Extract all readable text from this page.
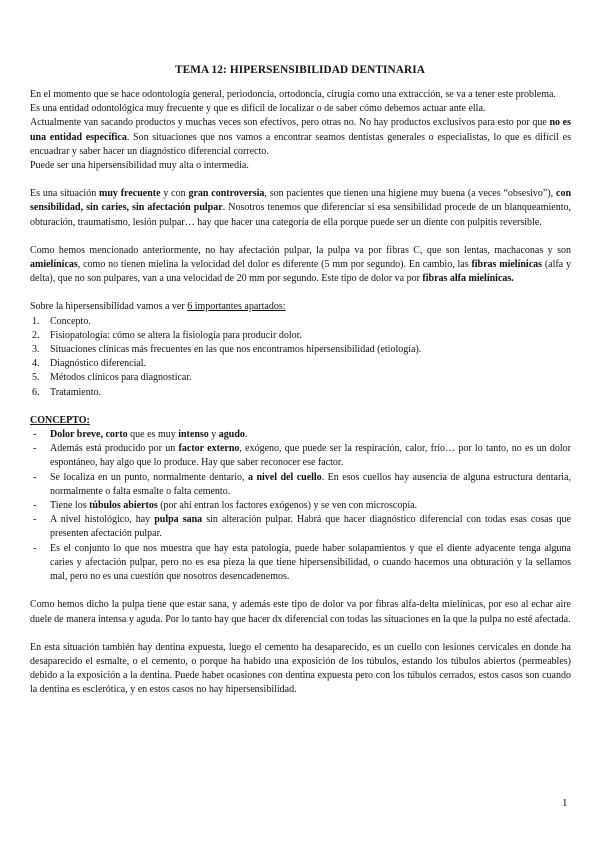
TEMA 12: HIPERSENSIBILIDAD DENTINARIA

En el momento que se hace odontología general, periodoncia, ortodoncia, cirugía como una extracción, se va a tener este problema.
Es una entidad odontológica muy frecuente y que es difícil de localizar o de saber cómo debemos actuar ante ella.
Actualmente van sacando productos y muchas veces son efectivos, pero otras no. No hay productos exclusivos para esto por que no es una entidad específica. Son situaciones que nos vamos a encontrar seamos dentistas generales o especialistas, lo que es difícil es encuadrar y saber hacer un diagnóstico diferencial correcto.
Puede ser una hipersensibilidad muy alta o intermedia.

Es una situación muy frecuente y con gran controversia, son pacientes que tienen una higiene muy buena (a veces “obsesivo”), con sensibilidad, sin caries, sin afectación pulpar. Nosotros tenemos que diferenciar si esa sensibilidad procede de un blanqueamiento, obturación, traumatismo, lesión pulpar… hay que hacer una categoría de ella porque puede ser un diente con pulpitis reversible.

Como hemos mencionado anteriormente, no hay afectación pulpar, la pulpa va por fibras C, que son lentas, machaconas y son amielínicas, como no tienen mielina la velocidad del dolor es diferente (5 mm por segundo). En cambio, las fibras mielínicas (alfa y delta), que no son pulpares, van a una velocidad de 20 mm por segundo. Este tipo de dolor va por fibras alfa mielínicas.

Sobre la hipersensibilidad vamos a ver 6 importantes apartados:

1. Concepto.
2. Fisiopatología: cómo se altera la fisiología para producir dolor.
3. Situaciones clínicas más frecuentes en las que nos encontramos hipersensibilidad (etiología).
4. Diagnóstico diferencial.
5. Métodos clínicos para diagnosticar.
6. Tratamiento.

CONCEPTO:

- Dolor breve, corto que es muy intenso y agudo.
- Además está producido por un factor externo, exógeno, que puede ser la respiración, calor, frío… por lo tanto, no es un dolor espontáneo, hay algo que lo produce. Hay que saber reconocer ese factor.
- Se localiza en un punto, normalmente dentario, a nivel del cuello. En esos cuellos hay ausencia de alguna estructura dentaria, normalmente o falta esmalte o falta cemento.
- Tiene los túbulos abiertos (por ahí entran los factores exógenos) y se ven con microscopía.
- A nivel histológico, hay pulpa sana sin alteración pulpar. Habrá que hacer diagnóstico diferencial con todas esas cosas que presenten afectación pulpar.
- Es el conjunto lo que nos muestra que hay esta patología, puede haber solapamientos y que el diente adyacente tenga alguna caries y afectación pulpar, pero no es esa pieza la que tiene hipersensibilidad, o cuando hacemos una obturación y la sellamos mal, pero no es una cuestión que nosotros desencadenemos.

Como hemos dicho la pulpa tiene que estar sana, y además este tipo de dolor va por fibras alfa-delta mielínicas, por eso al echar aire duele de manera intensa y aguda. Por lo tanto hay que hacer dx diferencial con todas las situaciones en la que la pulpa no esté afectada.

En esta situación también hay dentina expuesta, luego el cemento ha desaparecido, es un cuello con lesiones cervicales en donde ha desaparecido el esmalte, o el cemento, o porque ha habido una exposición de los túbulos, estando los túbulos abiertos (permeables) debido a la exposición a la dentina. Puede haber ocasiones con dentina expuesta pero con los túbulos cerrados, estos casos son cuando la dentina es esclerótica, y en estos casos no hay hipersensibilidad.

1
